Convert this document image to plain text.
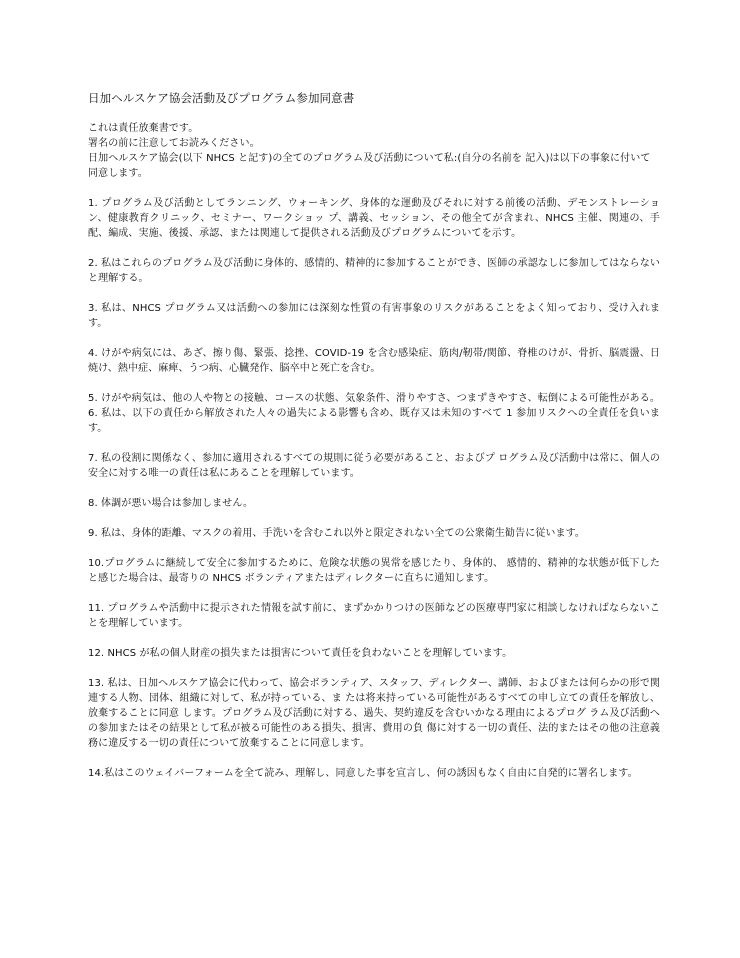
日加ヘルスケア協会活動及びプログラム参加同意書

これは責任放棄書です。

署名の前に注意してお読みください。

日加ヘルスケア協会(以下 NHCS と記す)の全てのプログラム及び活動について私:(自分の名前を 記入)は以下の事象に付いて同意します。

1. プログラム及び活動としてランニング、ウォーキング、身体的な運動及びそれに対する前後の活動、デモンストレーション、健康教育クリニック、セミナー、ワークショッ プ、講義、セッション、その他全てが含まれ、NHCS 主催、関連の、手配、編成、実施、後援、承認、または関連して提供される活動及びプログラムについてを示す。

2. 私はこれらのプログラム及び活動に身体的、感情的、精神的に参加することができ、医師の承認なしに参加してはならないと理解する。

3. 私は、NHCS プログラム又は活動への参加には深刻な性質の有害事象のリスクがあることをよく知っており、受け入れます。

4. けがや病気には、あざ、擦り傷、緊張、捻挫、COVID-19 を含む感染症、筋肉/靭帯/関節、脊椎のけが、骨折、脳震盪、日焼け、熱中症、麻痺、うつ病、心臓発作、脳卒中と死亡を含む。

5. けがや病気は、他の人や物との接触、コースの状態、気象条件、滑りやすさ、つまずきやすさ、転倒による可能性がある。 6. 私は、以下の責任から解放された人々の過失による影響も含め、既存又は未知のすべて 1 参加リスクへの全責任を負います。

7. 私の役割に関係なく、参加に適用されるすべての規則に従う必要があること、およびプ ログラム及び活動中は常に、個人の安全に対する唯一の責任は私にあることを理解しています。

8. 体調が悪い場合は参加しません。

9. 私は、身体的距離、マスクの着用、手洗いを含むこれ以外と限定されない全ての公衆衛生勧告に従います。

10.プログラムに継続して安全に参加するために、危険な状態の異常を感じたり、身体的、 感情的、精神的な状態が低下したと感じた場合は、最寄りの NHCS ボランティアまたはディレクターに直ちに通知します。

11. プログラムや活動中に提示された情報を試す前に、まずかかりつけの医師などの医療専門家に相談しなければならないことを理解しています。

12. NHCS が私の個人財産の損失または損害について責任を負わないことを理解しています。

13. 私は、日加ヘルスケア協会に代わって、協会ボランティア、スタッフ、ディレクター、講師、およびまたは何らかの形で関連する人物、団体、組織に対して、私が持っている、ま たは将来持っている可能性があるすべての申し立ての責任を解放し、放棄することに同意 します。プログラム及び活動に対する、過失、契約違反を含むいかなる理由によるプログ ラム及び活動への参加またはその結果として私が被る可能性のある損失、損害、費用の負 傷に対する一切の責任、法的またはその他の注意義務に違反する一切の責任について放棄することに同意します。

14.私はこのウェイバーフォームを全て読み、理解し、同意した事を宣言し、何の誘因もなく自由に自発的に署名します。
